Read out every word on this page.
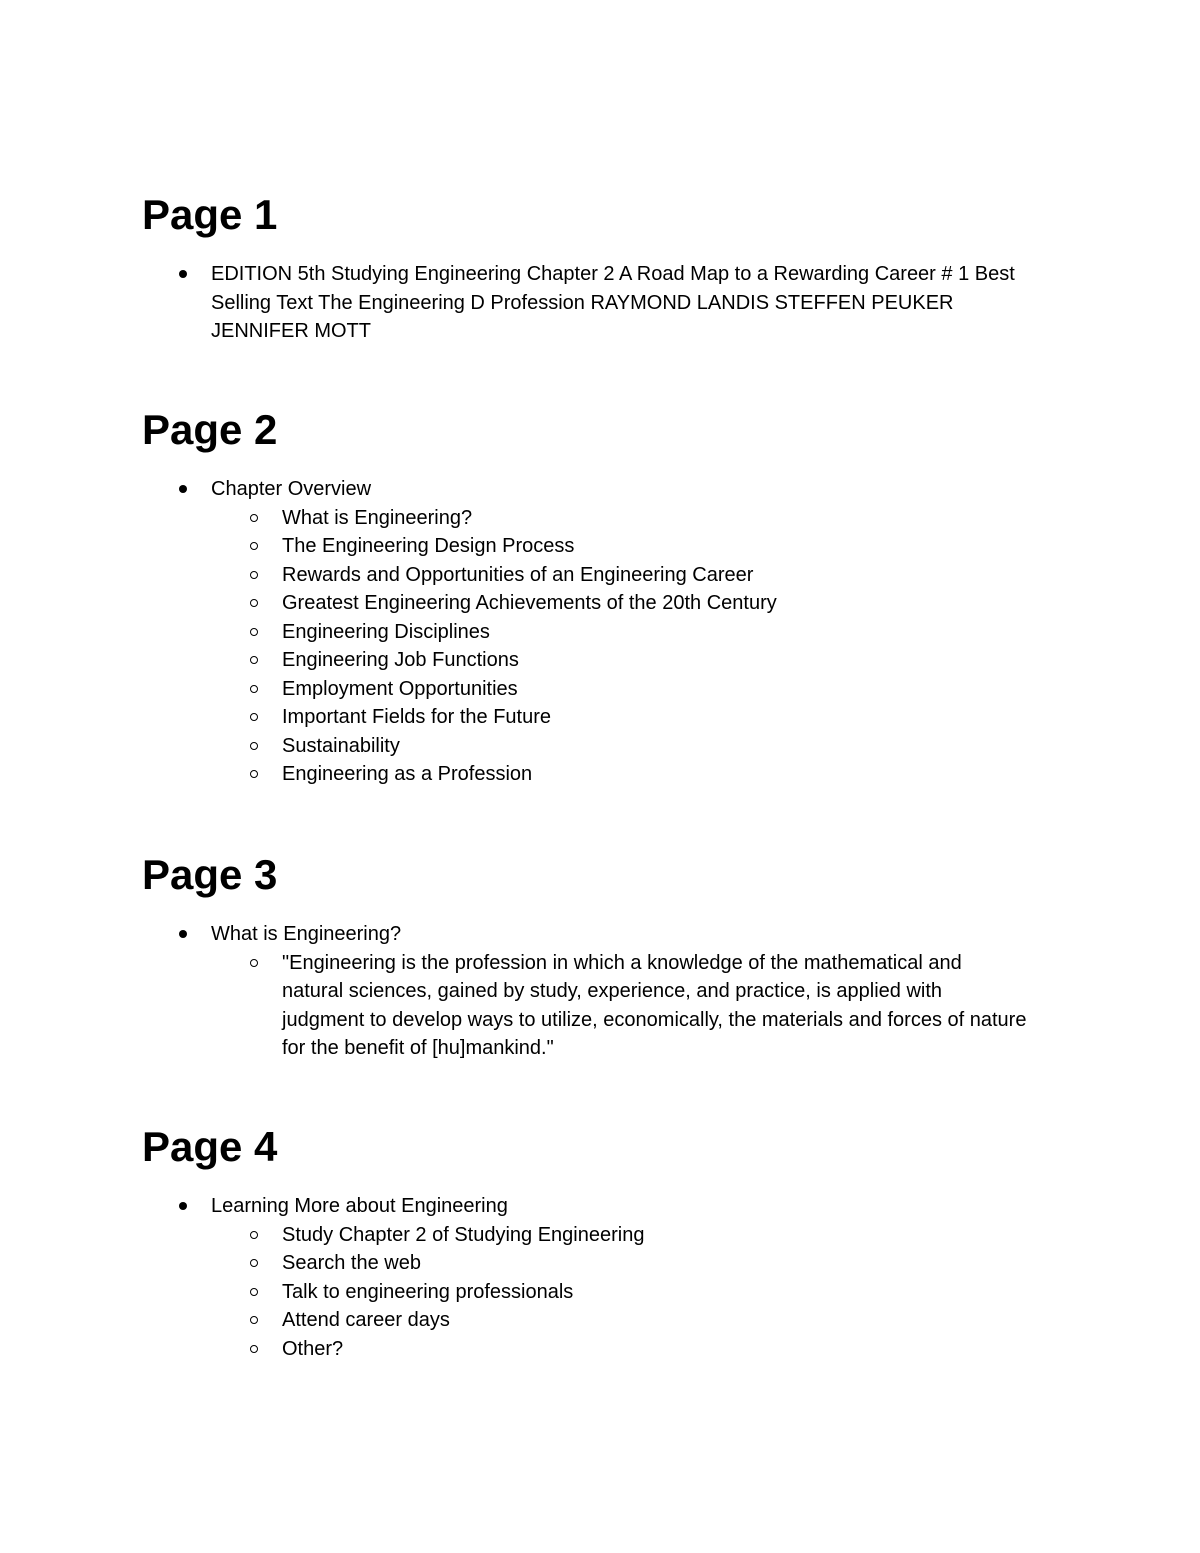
Page 1
EDITION 5th Studying Engineering Chapter 2 A Road Map to a Rewarding Career # 1 Best Selling Text The Engineering D Profession RAYMOND LANDIS STEFFEN PEUKER JENNIFER MOTT
Page 2
Chapter Overview
What is Engineering?
The Engineering Design Process
Rewards and Opportunities of an Engineering Career
Greatest Engineering Achievements of the 20th Century
Engineering Disciplines
Engineering Job Functions
Employment Opportunities
Important Fields for the Future
Sustainability
Engineering as a Profession
Page 3
What is Engineering?
"Engineering is the profession in which a knowledge of the mathematical and natural sciences, gained by study, experience, and practice, is applied with judgment to develop ways to utilize, economically, the materials and forces of nature for the benefit of [hu]mankind."
Page 4
Learning More about Engineering
Study Chapter 2 of Studying Engineering
Search the web
Talk to engineering professionals
Attend career days
Other?
